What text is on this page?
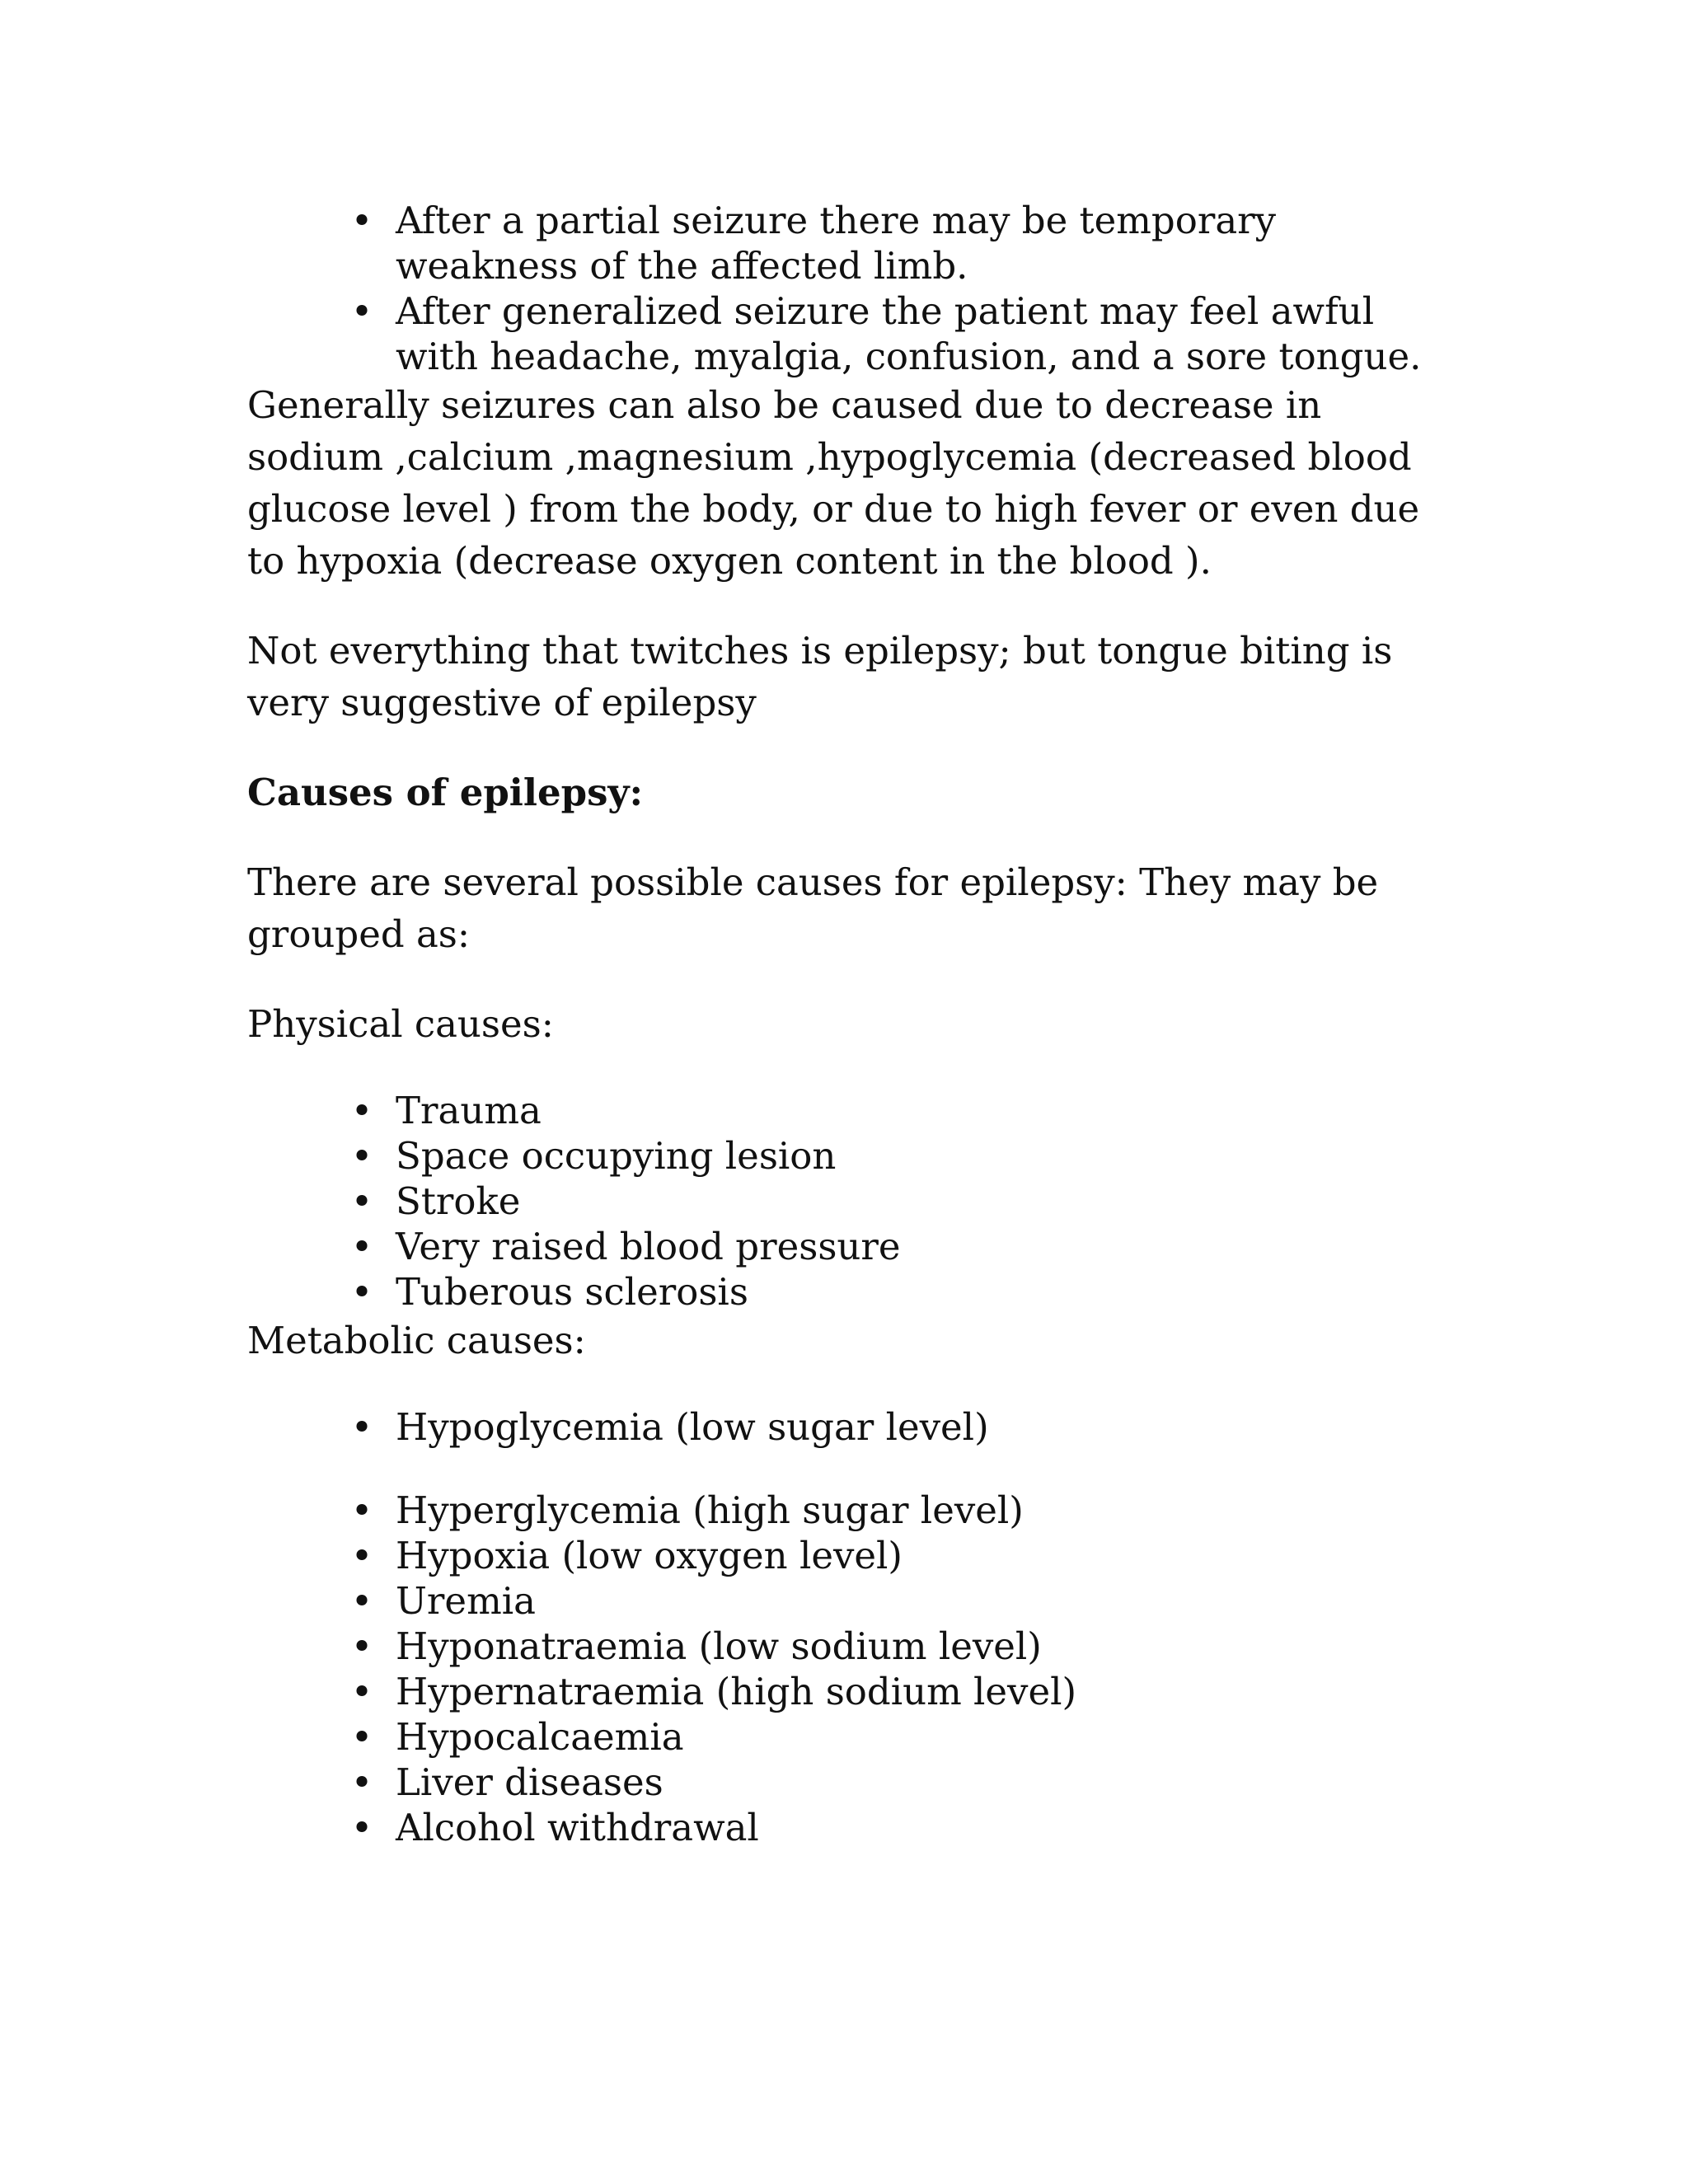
• After a partial seizure there may be temporary weakness of the affected limb.
• After generalized seizure the patient may feel awful with headache, myalgia, confusion, and a sore tongue.

Generally seizures can also be caused due to decrease in sodium ,calcium ,magnesium ,hypoglycemia (decreased blood glucose level ) from the body, or due to high fever or even due to hypoxia (decrease oxygen content in the blood ).

Not everything that twitches is epilepsy; but tongue biting is very suggestive of epilepsy

Causes of epilepsy:

There are several possible causes for epilepsy: They may be grouped as:

Physical causes:

• Trauma
• Space occupying lesion
• Stroke
• Very raised blood pressure
• Tuberous sclerosis

Metabolic causes:

• Hypoglycemia (low sugar level)
• Hyperglycemia (high sugar level)
• Hypoxia (low oxygen level)
• Uremia
• Hyponatraemia (low sodium level)
• Hypernatraemia (high sodium level)
• Hypocalcaemia
• Liver diseases
• Alcohol withdrawal
